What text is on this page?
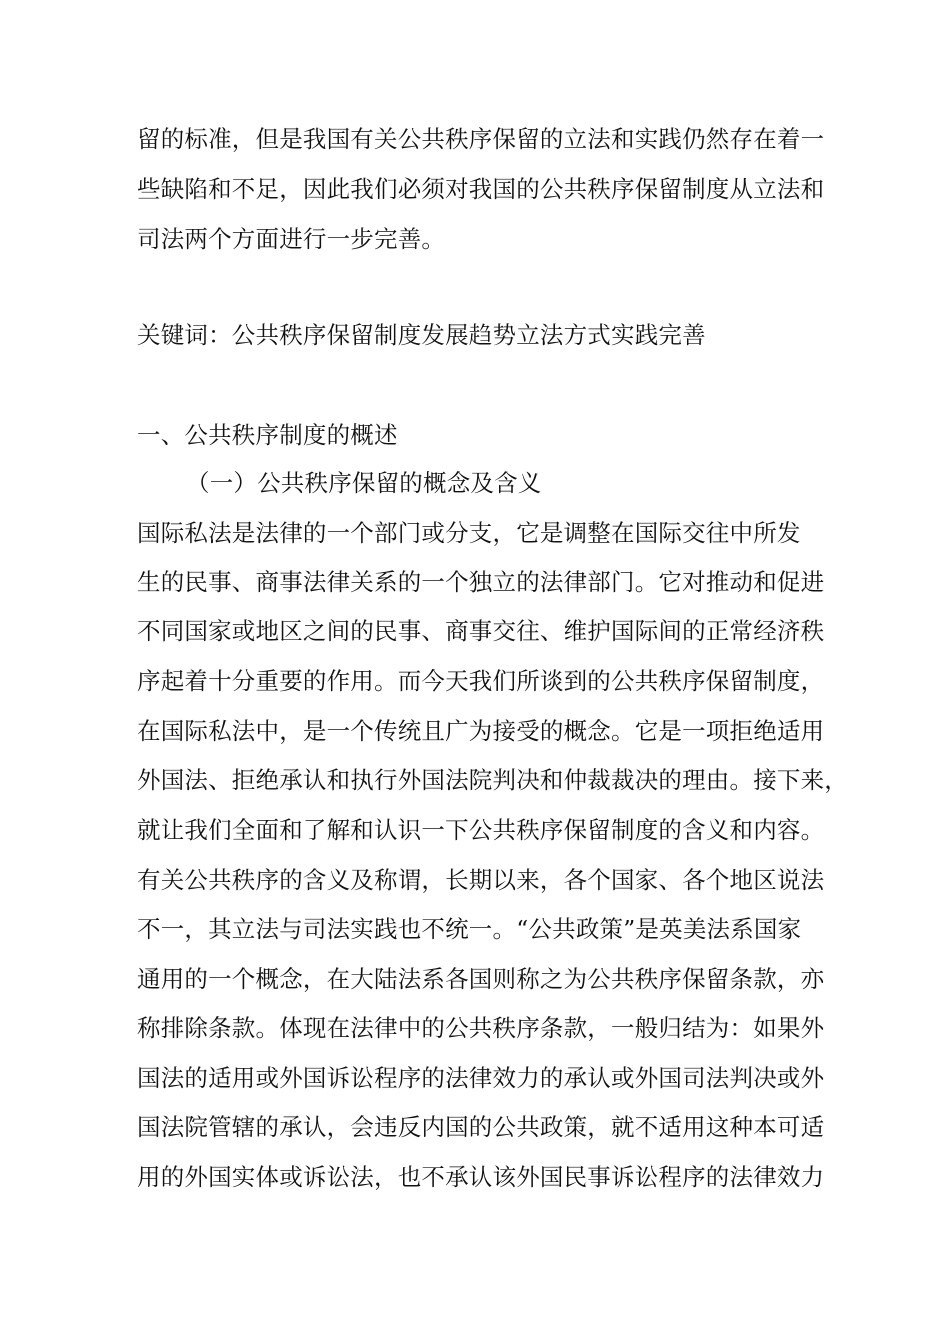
留的标准，但是我国有关公共秩序保留的立法和实践仍然存在着一
些缺陷和不足，因此我们必须对我国的公共秩序保留制度从立法和
司法两个方面进行一步完善。
关键词：公共秩序保留制度发展趋势立法方式实践完善
一、公共秩序制度的概述
（一）公共秩序保留的概念及含义
国际私法是法律的一个部门或分支，它是调整在国际交往中所发
生的民事、商事法律关系的一个独立的法律部门。它对推动和促进
不同国家或地区之间的民事、商事交往、维护国际间的正常经济秩
序起着十分重要的作用。而今天我们所谈到的公共秩序保留制度，
在国际私法中，是一个传统且广为接受的概念。它是一项拒绝适用
外国法、拒绝承认和执行外国法院判决和仲裁裁决的理由。接下来，
就让我们全面和了解和认识一下公共秩序保留制度的含义和内容。
有关公共秩序的含义及称谓，长期以来，各个国家、各个地区说法
不一，其立法与司法实践也不统一。“公共政策”是英美法系国家
通用的一个概念，在大陆法系各国则称之为公共秩序保留条款，亦
称排除条款。体现在法律中的公共秩序条款，一般归结为：如果外
国法的适用或外国诉讼程序的法律效力的承认或外国司法判决或外
国法院管辖的承认，会违反内国的公共政策，就不适用这种本可适
用的外国实体或诉讼法，也不承认该外国民事诉讼程序的法律效力
